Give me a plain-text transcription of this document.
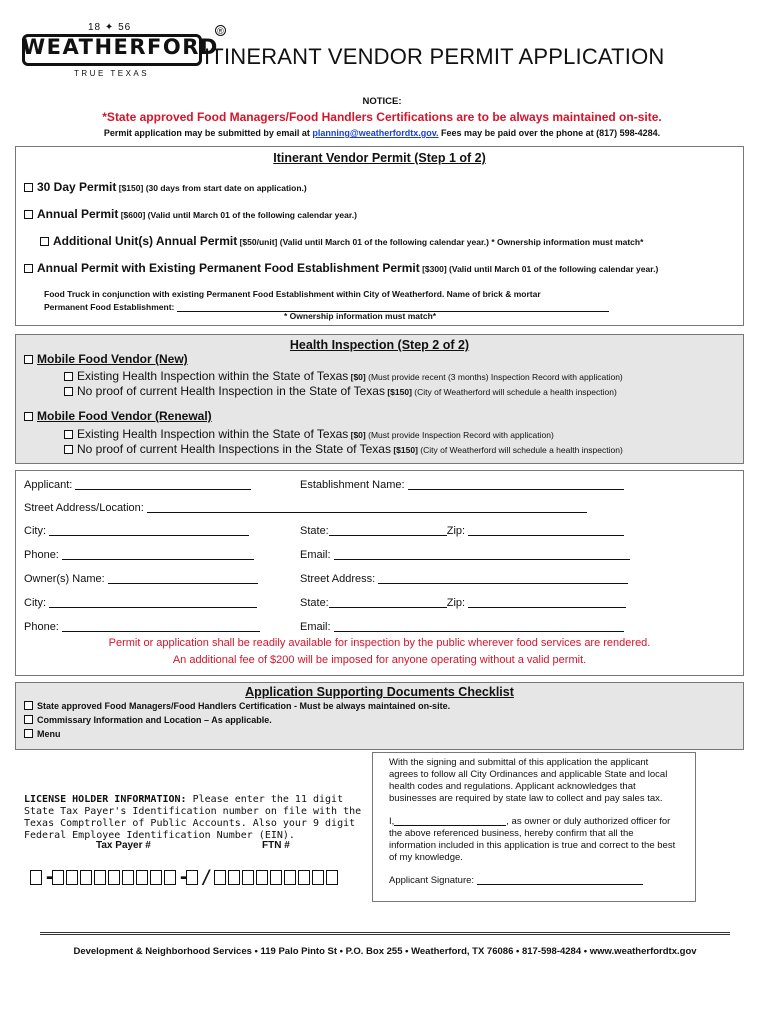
WEATHERFORD
18 ✦ 56
TRUE TEXAS
®
ITINERANT VENDOR PERMIT APPLICATION
NOTICE:
*State approved Food Managers/Food Handlers Certifications are to be always maintained on-site.
Permit application may be submitted by email at planning@weatherfordtx.gov. Fees may be paid over the phone at (817) 598-4284.
Itinerant Vendor Permit (Step 1 of 2)
30 Day Permit [$150] (30 days from start date on application.)
Annual Permit [$600] (Valid until March 01 of the following calendar year.)
Additional Unit(s) Annual Permit [$50/unit] (Valid until March 01 of the following calendar year.) * Ownership information must match*
Annual Permit with Existing Permanent Food Establishment Permit [$300] (Valid until March 01 of the following calendar year.)
Food Truck in conjunction with existing Permanent Food Establishment within City of Weatherford. Name of brick & mortar
Permanent Food Establishment:
* Ownership information must match*
Health Inspection (Step 2 of 2)
Mobile Food Vendor (New)
Existing Health Inspection within the State of Texas [$0] (Must provide recent (3 months) Inspection Record with application)
No proof of current Health Inspection in the State of Texas [$150] (City of Weatherford will schedule a health inspection)
Mobile Food Vendor (Renewal)
Existing Health Inspection within the State of Texas [$0] (Must provide Inspection Record with application)
No proof of current Health Inspections in the State of Texas [$150] (City of Weatherford will schedule a health inspection)
Applicant:	Establishment Name:
Street Address/Location:
City:	State:	Zip:
Phone:	Email:
Owner(s) Name:	Street Address:
City:	State:	Zip:
Phone:	Email:
Permit or application shall be readily available for inspection by the public wherever food services are rendered.
An additional fee of $200 will be imposed for anyone operating without a valid permit.
Application Supporting Documents Checklist
State approved Food Managers/Food Handlers Certification - Must be always maintained on-site.
Commissary Information and Location – As applicable.
Menu

With the signing and submittal of this application the applicant agrees to follow all City Ordinances and applicable State and local health codes and regulations. Applicant acknowledges that businesses are required by state law to collect and pay sales tax.

I,	, as owner or duly authorized officer for the above referenced business, hereby confirm that all the information included in this application is true and correct to the best of my knowledge.

Applicant Signature:

LICENSE HOLDER INFORMATION: Please enter the 11 digit State Tax Payer's Identification number on file with the Texas Comptroller of Public Accounts. Also your 9 digit Federal Employee Identification Number (EIN).
Tax Payer #	FTN #
-	- /
Development & Neighborhood Services • 119 Palo Pinto St • P.O. Box 255 • Weatherford, TX 76086 • 817-598-4284 • www.weatherfordtx.gov
